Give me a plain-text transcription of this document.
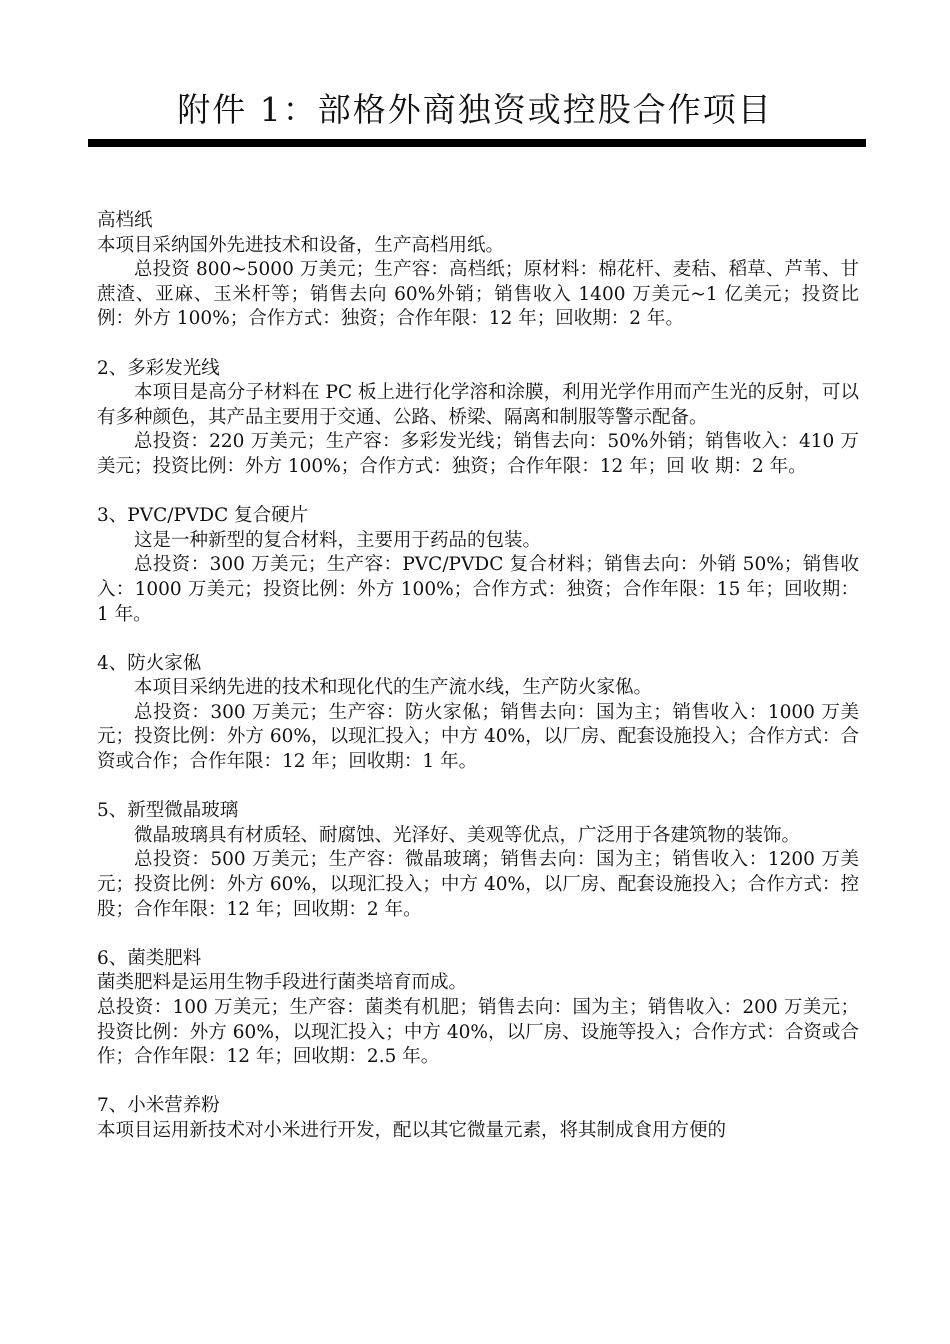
附件 1：部格外商独资或控股合作项目

高档纸

本项目采纳国外先进技术和设备，生产高档用纸。

总投资 800~5000 万美元；生产容：高档纸；原材料：棉花杆、麦秸、稻草、芦苇、甘蔗渣、亚麻、玉米杆等；销售去向 60%外销；销售收入 1400 万美元~1 亿美元；投资比例：外方 100%；合作方式：独资；合作年限：12 年；回收期：2 年。

2、多彩发光线

本项目是高分子材料在 PC 板上进行化学溶和涂膜，利用光学作用而产生光的反射，可以有多种颜色，其产品主要用于交通、公路、桥梁、隔离和制服等警示配备。

总投资：220 万美元；生产容：多彩发光线；销售去向：50%外销；销售收入：410 万美元；投资比例：外方 100%；合作方式：独资；合作年限：12 年；回 收 期：2 年。

3、PVC/PVDC 复合硬片

这是一种新型的复合材料，主要用于药品的包装。

总投资：300 万美元；生产容：PVC/PVDC 复合材料；销售去向：外销 50%；销售收入：1000 万美元；投资比例：外方 100%；合作方式：独资；合作年限：15 年；回收期：1 年。

4、防火家俬

本项目采纳先进的技术和现化代的生产流水线，生产防火家俬。

总投资：300 万美元；生产容：防火家俬；销售去向：国为主；销售收入：1000 万美元；投资比例：外方 60%，以现汇投入；中方 40%，以厂房、配套设施投入；合作方式：合资或合作；合作年限：12 年；回收期：1 年。

5、新型微晶玻璃

微晶玻璃具有材质轻、耐腐蚀、光泽好、美观等优点，广泛用于各建筑物的装饰。

总投资：500 万美元；生产容：微晶玻璃；销售去向：国为主；销售收入：1200 万美元；投资比例：外方 60%，以现汇投入；中方 40%，以厂房、配套设施投入；合作方式：控股；合作年限：12 年；回收期：2 年。

6、菌类肥料

菌类肥料是运用生物手段进行菌类培育而成。

总投资：100 万美元；生产容：菌类有机肥；销售去向：国为主；销售收入：200 万美元；投资比例：外方 60%，以现汇投入；中方 40%，以厂房、设施等投入；合作方式：合资或合作；合作年限：12 年；回收期：2.5 年。

7、小米营养粉

本项目运用新技术对小米进行开发，配以其它微量元素，将其制成食用方便的
